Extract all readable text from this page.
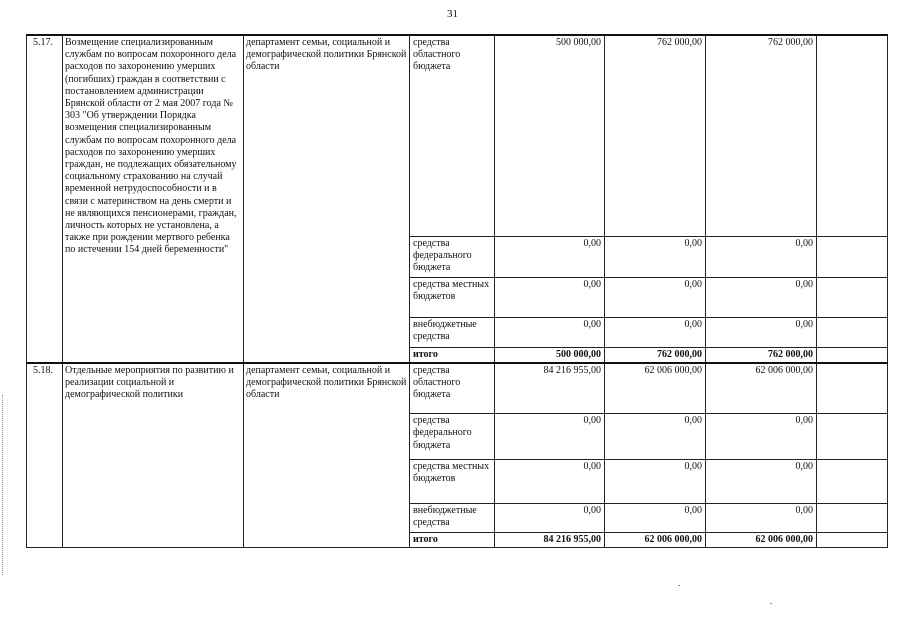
31
5.17.	Возмещение специализированным службам по вопросам похоронного дела расходов по захоронению умерших (погибших) граждан в соответствии с постановлением администрации Брянской области от 2 мая 2007 года № 303 "Об утверждении Порядка возмещения специализированным службам по вопросам похоронного дела расходов по захоронению умерших граждан, не подлежащих обязательному социальному страхованию на случай временной нетрудоспособности и в связи с материнством на день смерти и не являющихся пенсионерами, граждан, личность которых не установлена, а также при рождении мертвого ребенка по истечении 154 дней беременности"	департамент семьи, социальной и демографической политики Брянской области	средства областного бюджета	500 000,00	762 000,00	762 000,00	
			средства федерального бюджета	0,00	0,00	0,00	
			средства местных бюджетов	0,00	0,00	0,00	
			внебюджетные средства	0,00	0,00	0,00	
			итого	500 000,00	762 000,00	762 000,00	
5.18.	Отдельные мероприятия по развитию и реализации социальной и демографической политики	департамент семьи, социальной и демографической политики Брянской области	средства областного бюджета	84 216 955,00	62 006 000,00	62 006 000,00	
			средства федерального бюджета	0,00	0,00	0,00	
			средства местных бюджетов	0,00	0,00	0,00	
			внебюджетные средства	0,00	0,00	0,00	
			итого	84 216 955,00	62 006 000,00	62 006 000,00	
